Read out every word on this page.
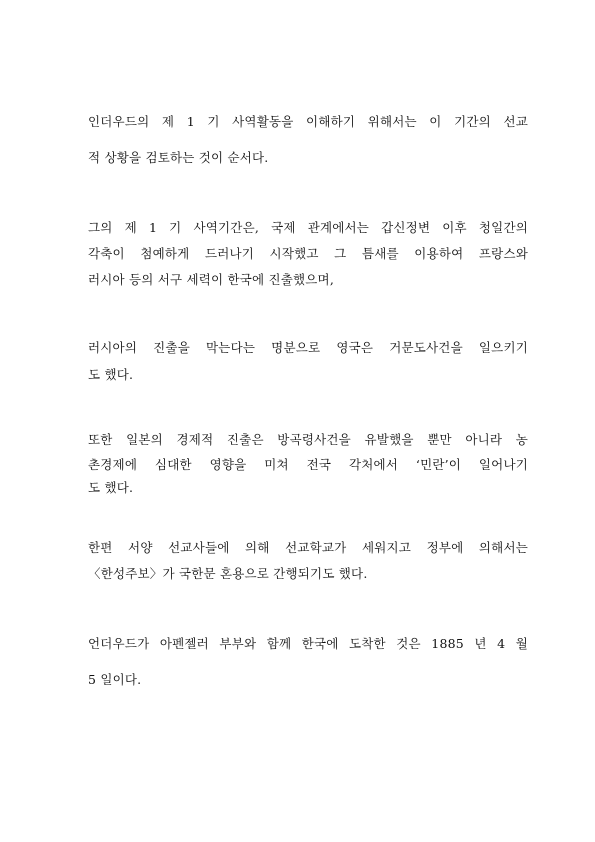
인더우드의 제 1 기 사역활동을 이해하기 위해서는 이 기간의 선교
적 상황을 검토하는 것이 순서다.
그의 제 1 기 사역기간은, 국제 관계에서는 갑신정변 이후 청일간의
각축이 첨예하게 드러나기 시작했고 그 틈새를 이용하여 프랑스와
러시아 등의 서구 세력이 한국에 진출했으며,
러시아의 진출을 막는다는 명분으로 영국은 거문도사건을 일으키기
도 했다.
또한 일본의 경제적 진출은 방곡령사건을 유발했을 뿐만 아니라 농
촌경제에 심대한 영향을 미쳐 전국 각처에서 ‘민란’이 일어나기
도 했다.
한편 서양 선교사들에 의해 선교학교가 세워지고 정부에 의해서는
〈한성주보〉가 국한문 혼용으로 간행되기도 했다.
언더우드가 아펜젤러 부부와 함께 한국에 도착한 것은 1885 년 4 월
5 일이다.
